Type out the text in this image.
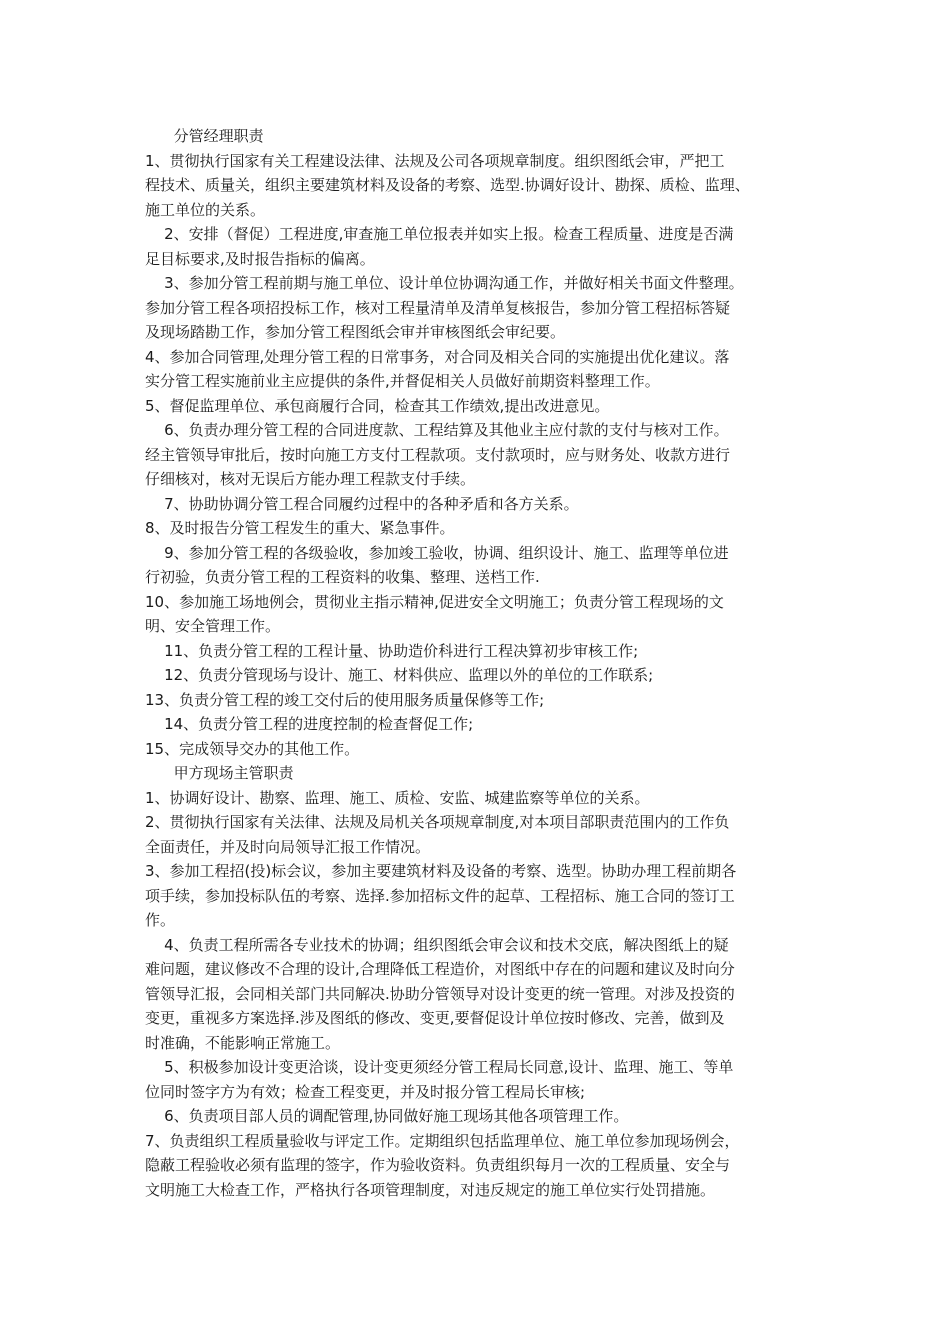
分管经理职责

1、贯彻执行国家有关工程建设法律、法规及公司各项规章制度。组织图纸会审，严把工
程技术、质量关，组织主要建筑材料及设备的考察、选型.协调好设计、勘探、质检、监理、
施工单位的关系。

2、安排（督促）工程进度,审查施工单位报表并如实上报。检查工程质量、进度是否满
足目标要求,及时报告指标的偏离。

3、参加分管工程前期与施工单位、设计单位协调沟通工作，并做好相关书面文件整理。
参加分管工程各项招投标工作，核对工程量清单及清单复核报告，参加分管工程招标答疑
及现场踏勘工作，参加分管工程图纸会审并审核图纸会审纪要。

4、参加合同管理,处理分管工程的日常事务，对合同及相关合同的实施提出优化建议。落
实分管工程实施前业主应提供的条件,并督促相关人员做好前期资料整理工作。

5、督促监理单位、承包商履行合同，检查其工作绩效,提出改进意见。

6、负责办理分管工程的合同进度款、工程结算及其他业主应付款的支付与核对工作。
经主管领导审批后，按时向施工方支付工程款项。支付款项时，应与财务处、收款方进行
仔细核对，核对无误后方能办理工程款支付手续。

7、协助协调分管工程合同履约过程中的各种矛盾和各方关系。

8、及时报告分管工程发生的重大、紧急事件。

9、参加分管工程的各级验收，参加竣工验收，协调、组织设计、施工、监理等单位进
行初验，负责分管工程的工程资料的收集、整理、送档工作.

10、参加施工场地例会，贯彻业主指示精神,促进安全文明施工；负责分管工程现场的文
明、安全管理工作。

11、负责分管工程的工程计量、协助造价科进行工程决算初步审核工作;

12、负责分管现场与设计、施工、材料供应、监理以外的单位的工作联系;

13、负责分管工程的竣工交付后的使用服务质量保修等工作;

14、负责分管工程的进度控制的检查督促工作;

15、完成领导交办的其他工作。

甲方现场主管职责

1、协调好设计、勘察、监理、施工、质检、安监、城建监察等单位的关系。

2、贯彻执行国家有关法律、法规及局机关各项规章制度,对本项目部职责范围内的工作负
全面责任，并及时向局领导汇报工作情况。

3、参加工程招(投)标会议，参加主要建筑材料及设备的考察、选型。协助办理工程前期各
项手续，参加投标队伍的考察、选择.参加招标文件的起草、工程招标、施工合同的签订工
作。

4、负责工程所需各专业技术的协调；组织图纸会审会议和技术交底，解决图纸上的疑
难问题，建议修改不合理的设计,合理降低工程造价，对图纸中存在的问题和建议及时向分
管领导汇报，会同相关部门共同解决.协助分管领导对设计变更的统一管理。对涉及投资的
变更，重视多方案选择.涉及图纸的修改、变更,要督促设计单位按时修改、完善，做到及
时准确，不能影响正常施工。

5、积极参加设计变更洽谈，设计变更须经分管工程局长同意,设计、监理、施工、等单
位同时签字方为有效；检查工程变更，并及时报分管工程局长审核;

6、负责项目部人员的调配管理,协同做好施工现场其他各项管理工作。

7、负责组织工程质量验收与评定工作。定期组织包括监理单位、施工单位参加现场例会，
隐蔽工程验收必须有监理的签字，作为验收资料。负责组织每月一次的工程质量、安全与
文明施工大检查工作，严格执行各项管理制度，对违反规定的施工单位实行处罚措施。
